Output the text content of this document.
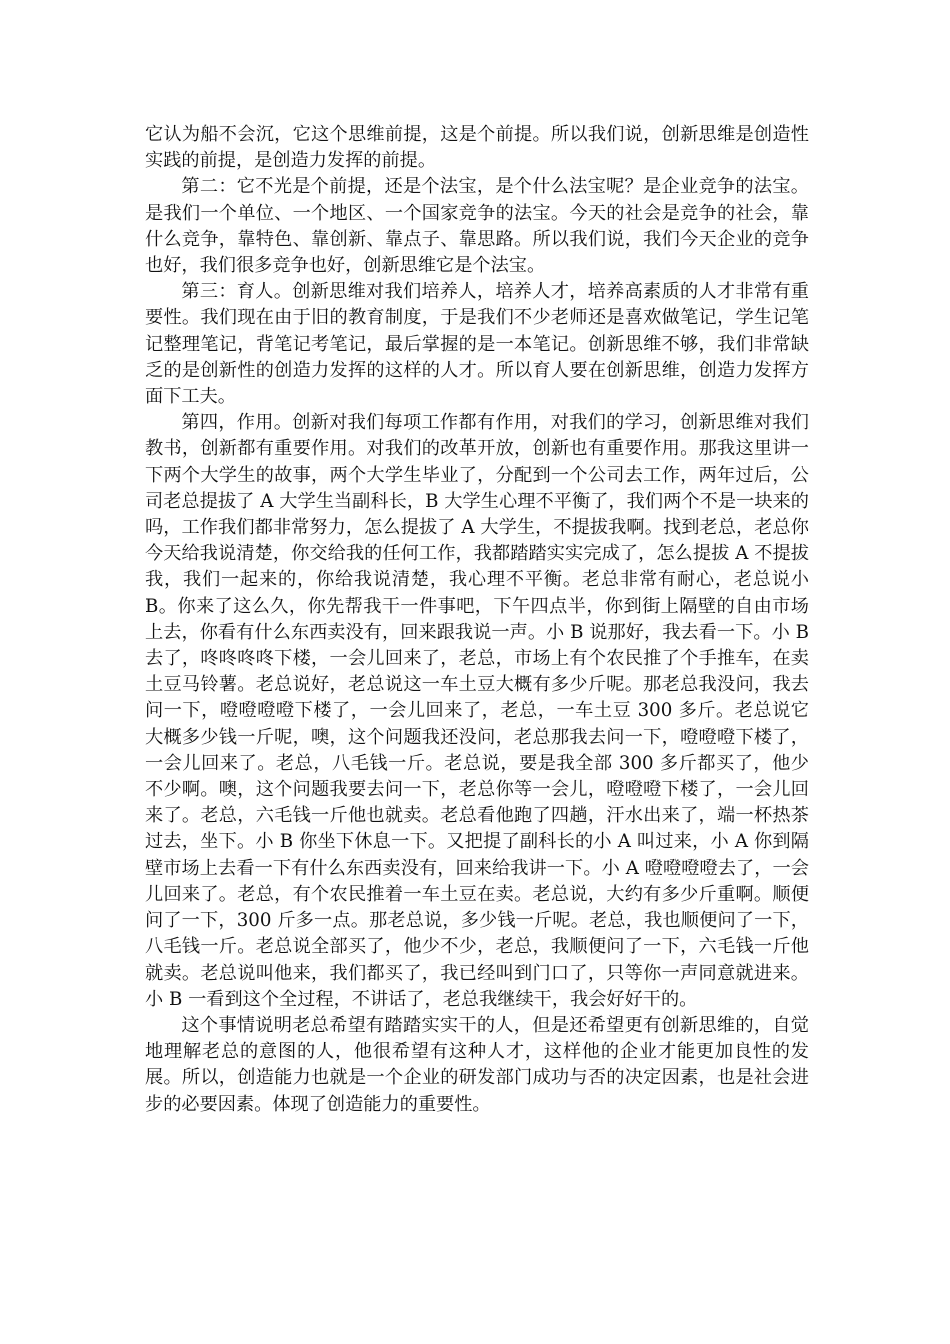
它认为船不会沉，它这个思维前提，这是个前提。所以我们说，创新思维是创造性实践的前提，是创造力发挥的前提。

第二：它不光是个前提，还是个法宝，是个什么法宝呢？是企业竞争的法宝。是我们一个单位、一个地区、一个国家竞争的法宝。今天的社会是竞争的社会，靠什么竞争，靠特色、靠创新、靠点子、靠思路。所以我们说，我们今天企业的竞争也好，我们很多竞争也好，创新思维它是个法宝。

第三：育人。创新思维对我们培养人，培养人才，培养高素质的人才非常有重要性。我们现在由于旧的教育制度，于是我们不少老师还是喜欢做笔记，学生记笔记整理笔记，背笔记考笔记，最后掌握的是一本笔记。创新思维不够，我们非常缺乏的是创新性的创造力发挥的这样的人才。所以育人要在创新思维，创造力发挥方面下工夫。

第四，作用。创新对我们每项工作都有作用，对我们的学习，创新思维对我们教书，创新都有重要作用。对我们的改革开放，创新也有重要作用。那我这里讲一下两个大学生的故事，两个大学生毕业了，分配到一个公司去工作，两年过后，公司老总提拔了 A 大学生当副科长，B 大学生心理不平衡了，我们两个不是一块来的吗，工作我们都非常努力，怎么提拔了 A 大学生，不提拔我啊。找到老总，老总你今天给我说清楚，你交给我的任何工作，我都踏踏实实完成了，怎么提拔 A 不提拔我，我们一起来的，你给我说清楚，我心理不平衡。老总非常有耐心，老总说小 B。你来了这么久，你先帮我干一件事吧，下午四点半，你到街上隔壁的自由市场上去，你看有什么东西卖没有，回来跟我说一声。小 B 说那好，我去看一下。小 B 去了，咚咚咚咚下楼，一会儿回来了，老总，市场上有个农民推了个手推车，在卖土豆马铃薯。老总说好，老总说这一车土豆大概有多少斤呢。那老总我没问，我去问一下，噔噔噔噔下楼了，一会儿回来了，老总，一车土豆 300 多斤。老总说它大概多少钱一斤呢，噢，这个问题我还没问，老总那我去问一下，噔噔噔下楼了，一会儿回来了。老总，八毛钱一斤。老总说，要是我全部 300 多斤都买了，他少不少啊。噢，这个问题我要去问一下，老总你等一会儿，噔噔噔下楼了，一会儿回来了。老总，六毛钱一斤他也就卖。老总看他跑了四趟，汗水出来了，端一杯热茶过去，坐下。小 B 你坐下休息一下。又把提了副科长的小 A 叫过来，小 A 你到隔壁市场上去看一下有什么东西卖没有，回来给我讲一下。小 A 噔噔噔噔去了，一会儿回来了。老总，有个农民推着一车土豆在卖。老总说，大约有多少斤重啊。顺便问了一下，300 斤多一点。那老总说，多少钱一斤呢。老总，我也顺便问了一下，八毛钱一斤。老总说全部买了，他少不少，老总，我顺便问了一下，六毛钱一斤他就卖。老总说叫他来，我们都买了，我已经叫到门口了，只等你一声同意就进来。小 B 一看到这个全过程，不讲话了，老总我继续干，我会好好干的。

这个事情说明老总希望有踏踏实实干的人，但是还希望更有创新思维的，自觉地理解老总的意图的人，他很希望有这种人才，这样他的企业才能更加良性的发展。所以，创造能力也就是一个企业的研发部门成功与否的决定因素，也是社会进步的必要因素。体现了创造能力的重要性。
